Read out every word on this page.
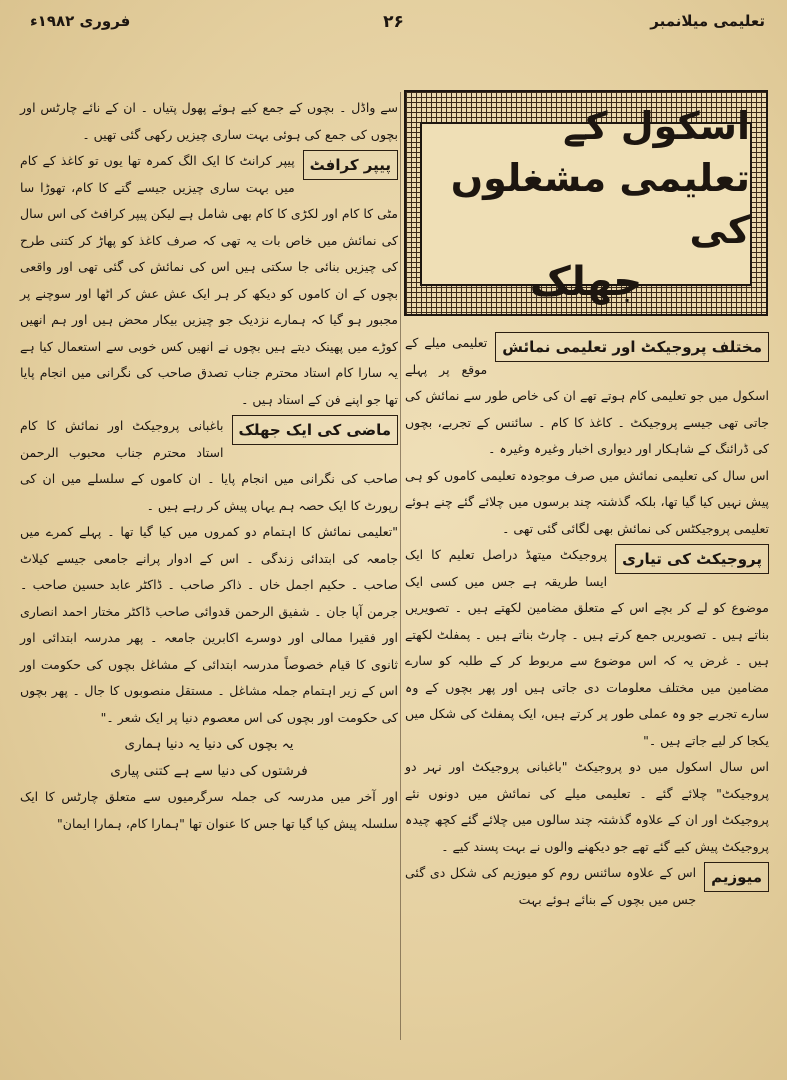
تعلیمی میلانمبر
۲۶
فروری ۱۹۸۲ء

سے واڈل ۔ بچوں کے جمع کیے ہوئے پھول پتیاں ۔ ان کے نائے چارٹس اور بچوں کی جمع کی ہوئی بہت ساری چیزیں رکھی گئی تھیں ۔

پیپر کرافٹ
پیپر کرانٹ کا ایک الگ کمرہ تھا یوں تو کاغذ کے کام میں بہت ساری چیزیں جیسے گتے کا کام، تھوڑا سا مٹی کا کام اور لکڑی کا کام بھی شامل ہے لیکن پیپر کرافٹ کی اس سال کی نمائش میں خاص بات یہ تھی کہ صرف کاغذ کو پھاڑ کر کتنی طرح کی چیزیں بنائی جا سکتی ہیں اس کی نمائش کی گئی تھی اور واقعی بچوں کے ان کاموں کو دیکھ کر ہر ایک عش عش کر اٹھا اور سوچنے پر مجبور ہو گیا کہ ہمارے نزدیک جو چیزیں بیکار محض ہیں اور ہم انھیں کوڑے میں پھینک دیتے ہیں بچوں نے انھیں کس خوبی سے استعمال کیا ہے یہ سارا کام استاد محترم جناب تصدق صاحب کی نگرانی میں انجام پایا تھا جو اپنے فن کے استاد ہیں ۔

ماضی کی ایک جھلک
باغبانی پروجیکٹ اور نمائش کا کام استاد محترم جناب محبوب الرحمن صاحب کی نگرانی میں انجام پایا ۔ ان کاموں کے سلسلے میں ان کی رپورٹ کا ایک حصہ ہم یہاں پیش کر رہے ہیں ۔

"تعلیمی نمائش کا اہتمام دو کمروں میں کیا گیا تھا ۔ پہلے کمرے میں جامعہ کی ابتدائی زندگی ۔ اس کے ادوار پرانے جامعی جیسے کیلاٹ صاحب ۔ حکیم اجمل خاں ۔ ذاکر صاحب ۔ ڈاکٹر عابد حسین صاحب ۔ جرمن آپا جان ۔ شفیق الرحمن قدوائی صاحب ڈاکٹر مختار احمد انصاری اور فقیرا ممالی اور دوسرے اکابرین جامعہ ۔ پھر مدرسہ ابتدائی اور ثانوی کا قیام خصوصاً مدرسہ ابتدائی کے مشاغل بچوں کی حکومت اور اس کے زیر اہتمام جملہ مشاغل ۔ مستقل منصوبوں کا جال ۔ پھر بچوں کی حکومت اور بچوں کی اس معصوم دنیا پر ایک شعر ۔"

یہ بچوں کی دنیا یہ دنیا ہماری

فرشتوں کی دنیا سے ہے کتنی پیاری

اور آخر میں مدرسہ کی جملہ سرگرمیوں سے متعلق چارٹس کا ایک سلسلہ پیش کیا گیا تھا جس کا عنوان تھا "ہمارا کام، ہمارا ایمان"

اسکول کے تعلیمی مشغلوں کی
جھلک

مختلف پروجیکٹ اور تعلیمی نمائش
تعلیمی میلے کے موقع پر پہلے اسکول میں جو تعلیمی کام ہوتے تھے ان کی خاص طور سے نمائش کی جاتی تھی جیسے پروجیکٹ ۔ کاغذ کا کام ۔ سائنس کے تجربے، بچوں کی ڈرائنگ کے شاہکار اور دیواری اخبار وغیرہ وغیرہ ۔

اس سال کی تعلیمی نمائش میں صرف موجودہ تعلیمی کاموں کو ہی پیش نہیں کیا گیا تھا، بلکہ گذشتہ چند برسوں میں چلائے گئے چنے ہوئے تعلیمی پروجیکٹس کی نمائش بھی لگائی گئی تھی ۔

پروجیکٹ کی تیاری
پروجیکٹ میتھڈ دراصل تعلیم کا ایک ایسا طریقہ ہے جس میں کسی ایک موضوع کو لے کر بچے اس کے متعلق مضامین لکھتے ہیں ۔ تصویریں بناتے ہیں ۔ تصویریں جمع کرتے ہیں ۔ چارٹ بناتے ہیں ۔ پمفلٹ لکھتے ہیں ۔ غرض یہ کہ اس موضوع سے مربوط کر کے طلبہ کو سارے مضامین میں مختلف معلومات دی جاتی ہیں اور پھر بچوں کے وہ سارے تجربے جو وہ عملی طور پر کرتے ہیں، ایک پمفلٹ کی شکل میں یکجا کر لیے جاتے ہیں ۔"

اس سال اسکول میں دو پروجیکٹ "باغبانی پروجیکٹ اور نہر دو پروجیکٹ" چلائے گئے ۔ تعلیمی میلے کی نمائش میں دونوں نئے پروجیکٹ اور ان کے علاوہ گذشتہ چند سالوں میں چلائے گئے کچھ چیدہ پروجیکٹ پیش کیے گئے تھے جو دیکھنے والوں نے بہت پسند کیے ۔

میوزیم
اس کے علاوہ سائنس روم کو میوزیم کی شکل دی گئی جس میں بچوں کے بنائے ہوئے بہت
